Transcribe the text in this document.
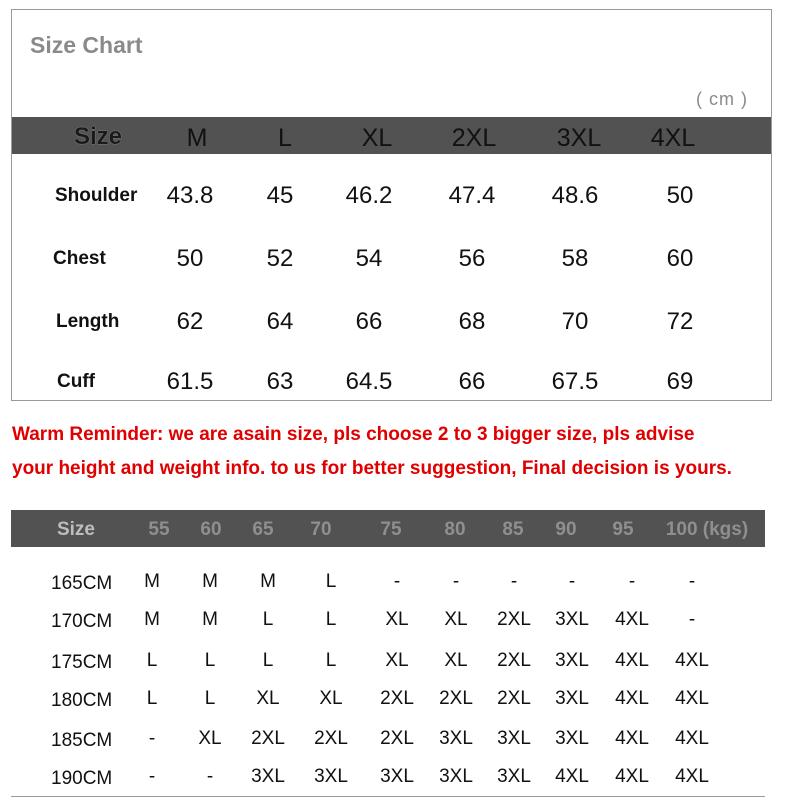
Size Chart
( cm )
Size	M	L	XL 2XL 3XL 4XL
Shoulder 43.8 45 46.2 47.4 48.6	50
Chest	50	52	54	56	58	60
Length 62	64	66	68	70	72
Cuff	61.5 63 64.5	66	67.5	69
Warm Reminder: we are asain size, pls choose 2 to 3 bigger size, pls advise
your height and weight info. to us for better suggestion, Final decision is yours.
Size	55 60 65 70	75 80 85 90 95 100 (kgs)
165CM M M M	L	-	-	-	-	-	-
170CM M M L	L	XL XL 2XL 3XL 4XL -
175CM L L L	L	XL XL 2XL 3XL 4XL 4XL
180CM L L XL XL 2XL 2XL 2XL 3XL 4XL 4XL
185CM - XL 2XL 2XL 2XL 3XL 3XL 3XL 4XL 4XL
190CM -	- 3XL 3XL 3XL 3XL 3XL 4XL 4XL 4XL
